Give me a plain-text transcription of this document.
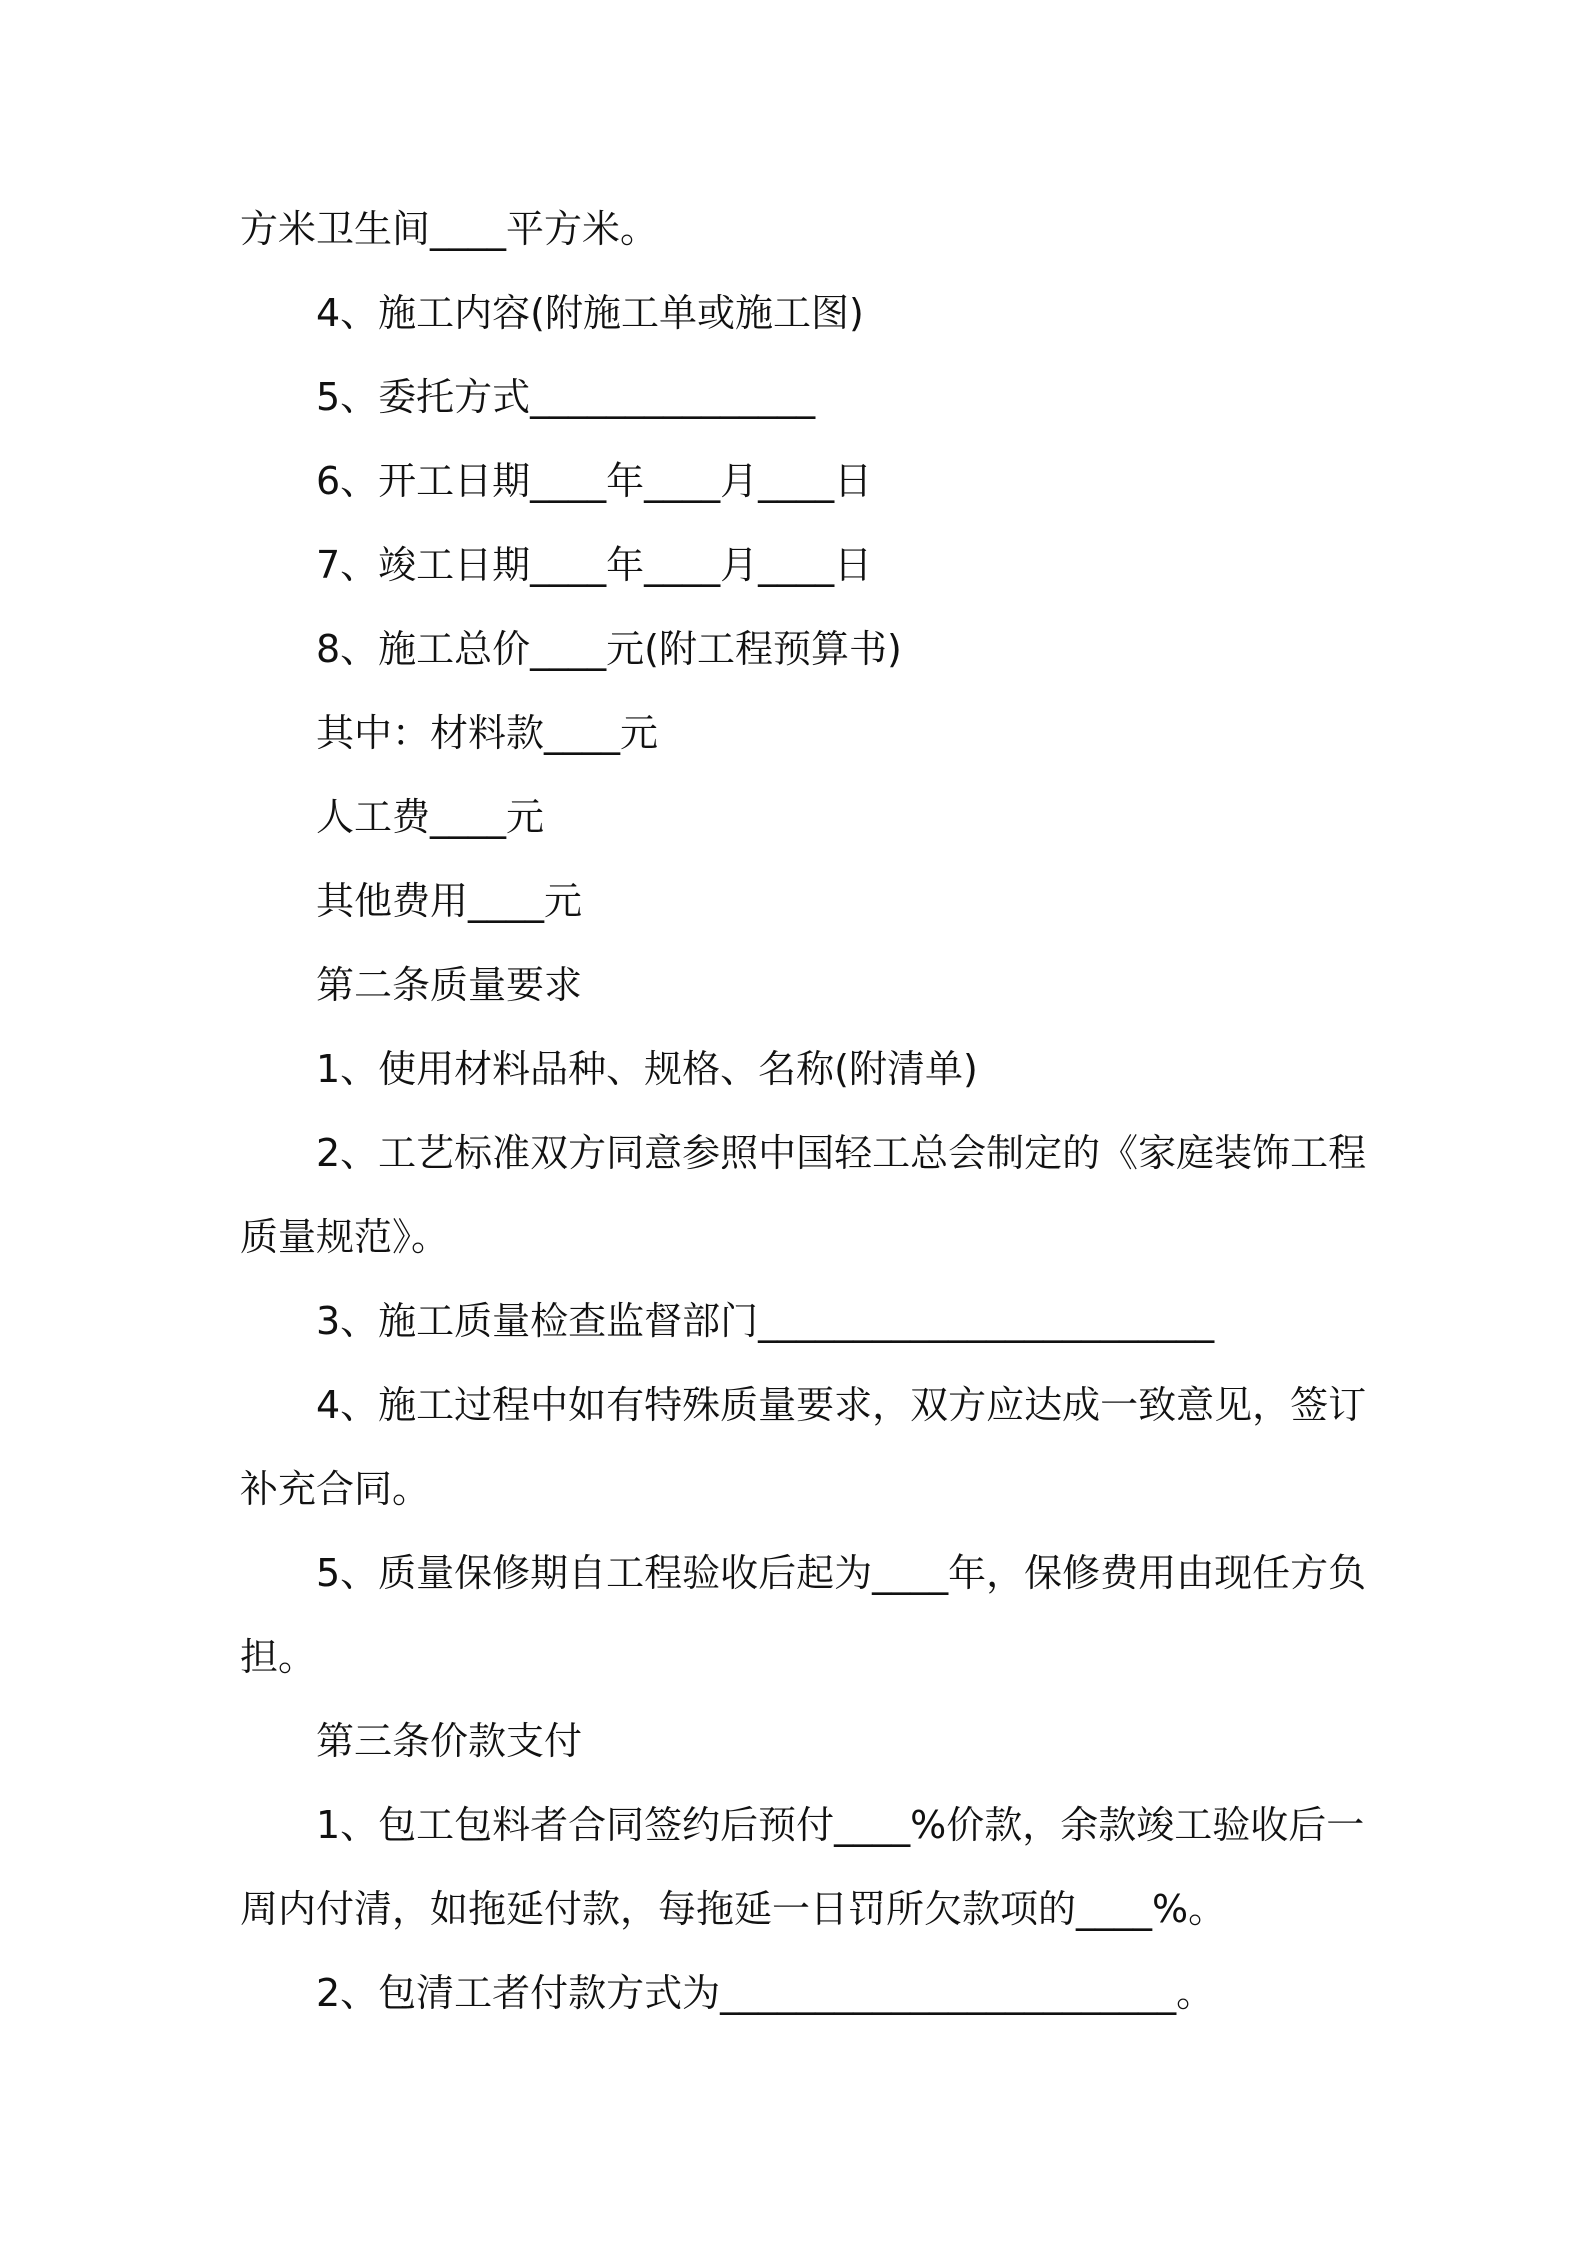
方米卫生间____平方米。
4、施工内容(附施工单或施工图)
5、委托方式_______________
6、开工日期____年____月____日
7、竣工日期____年____月____日
8、施工总价____元(附工程预算书)
其中：材料款____元
人工费____元
其他费用____元
第二条质量要求
1、使用材料品种、规格、名称(附清单)
2、工艺标准双方同意参照中国轻工总会制定的《家庭装饰工程
质量规范》。
3、施工质量检查监督部门________________________
4、施工过程中如有特殊质量要求，双方应达成一致意见，签订
补充合同。
5、质量保修期自工程验收后起为____年，保修费用由现任方负
担。
第三条价款支付
1、包工包料者合同签约后预付____%价款，余款竣工验收后一
周内付清，如拖延付款，每拖延一日罚所欠款项的____%。
2、包清工者付款方式为________________________。
